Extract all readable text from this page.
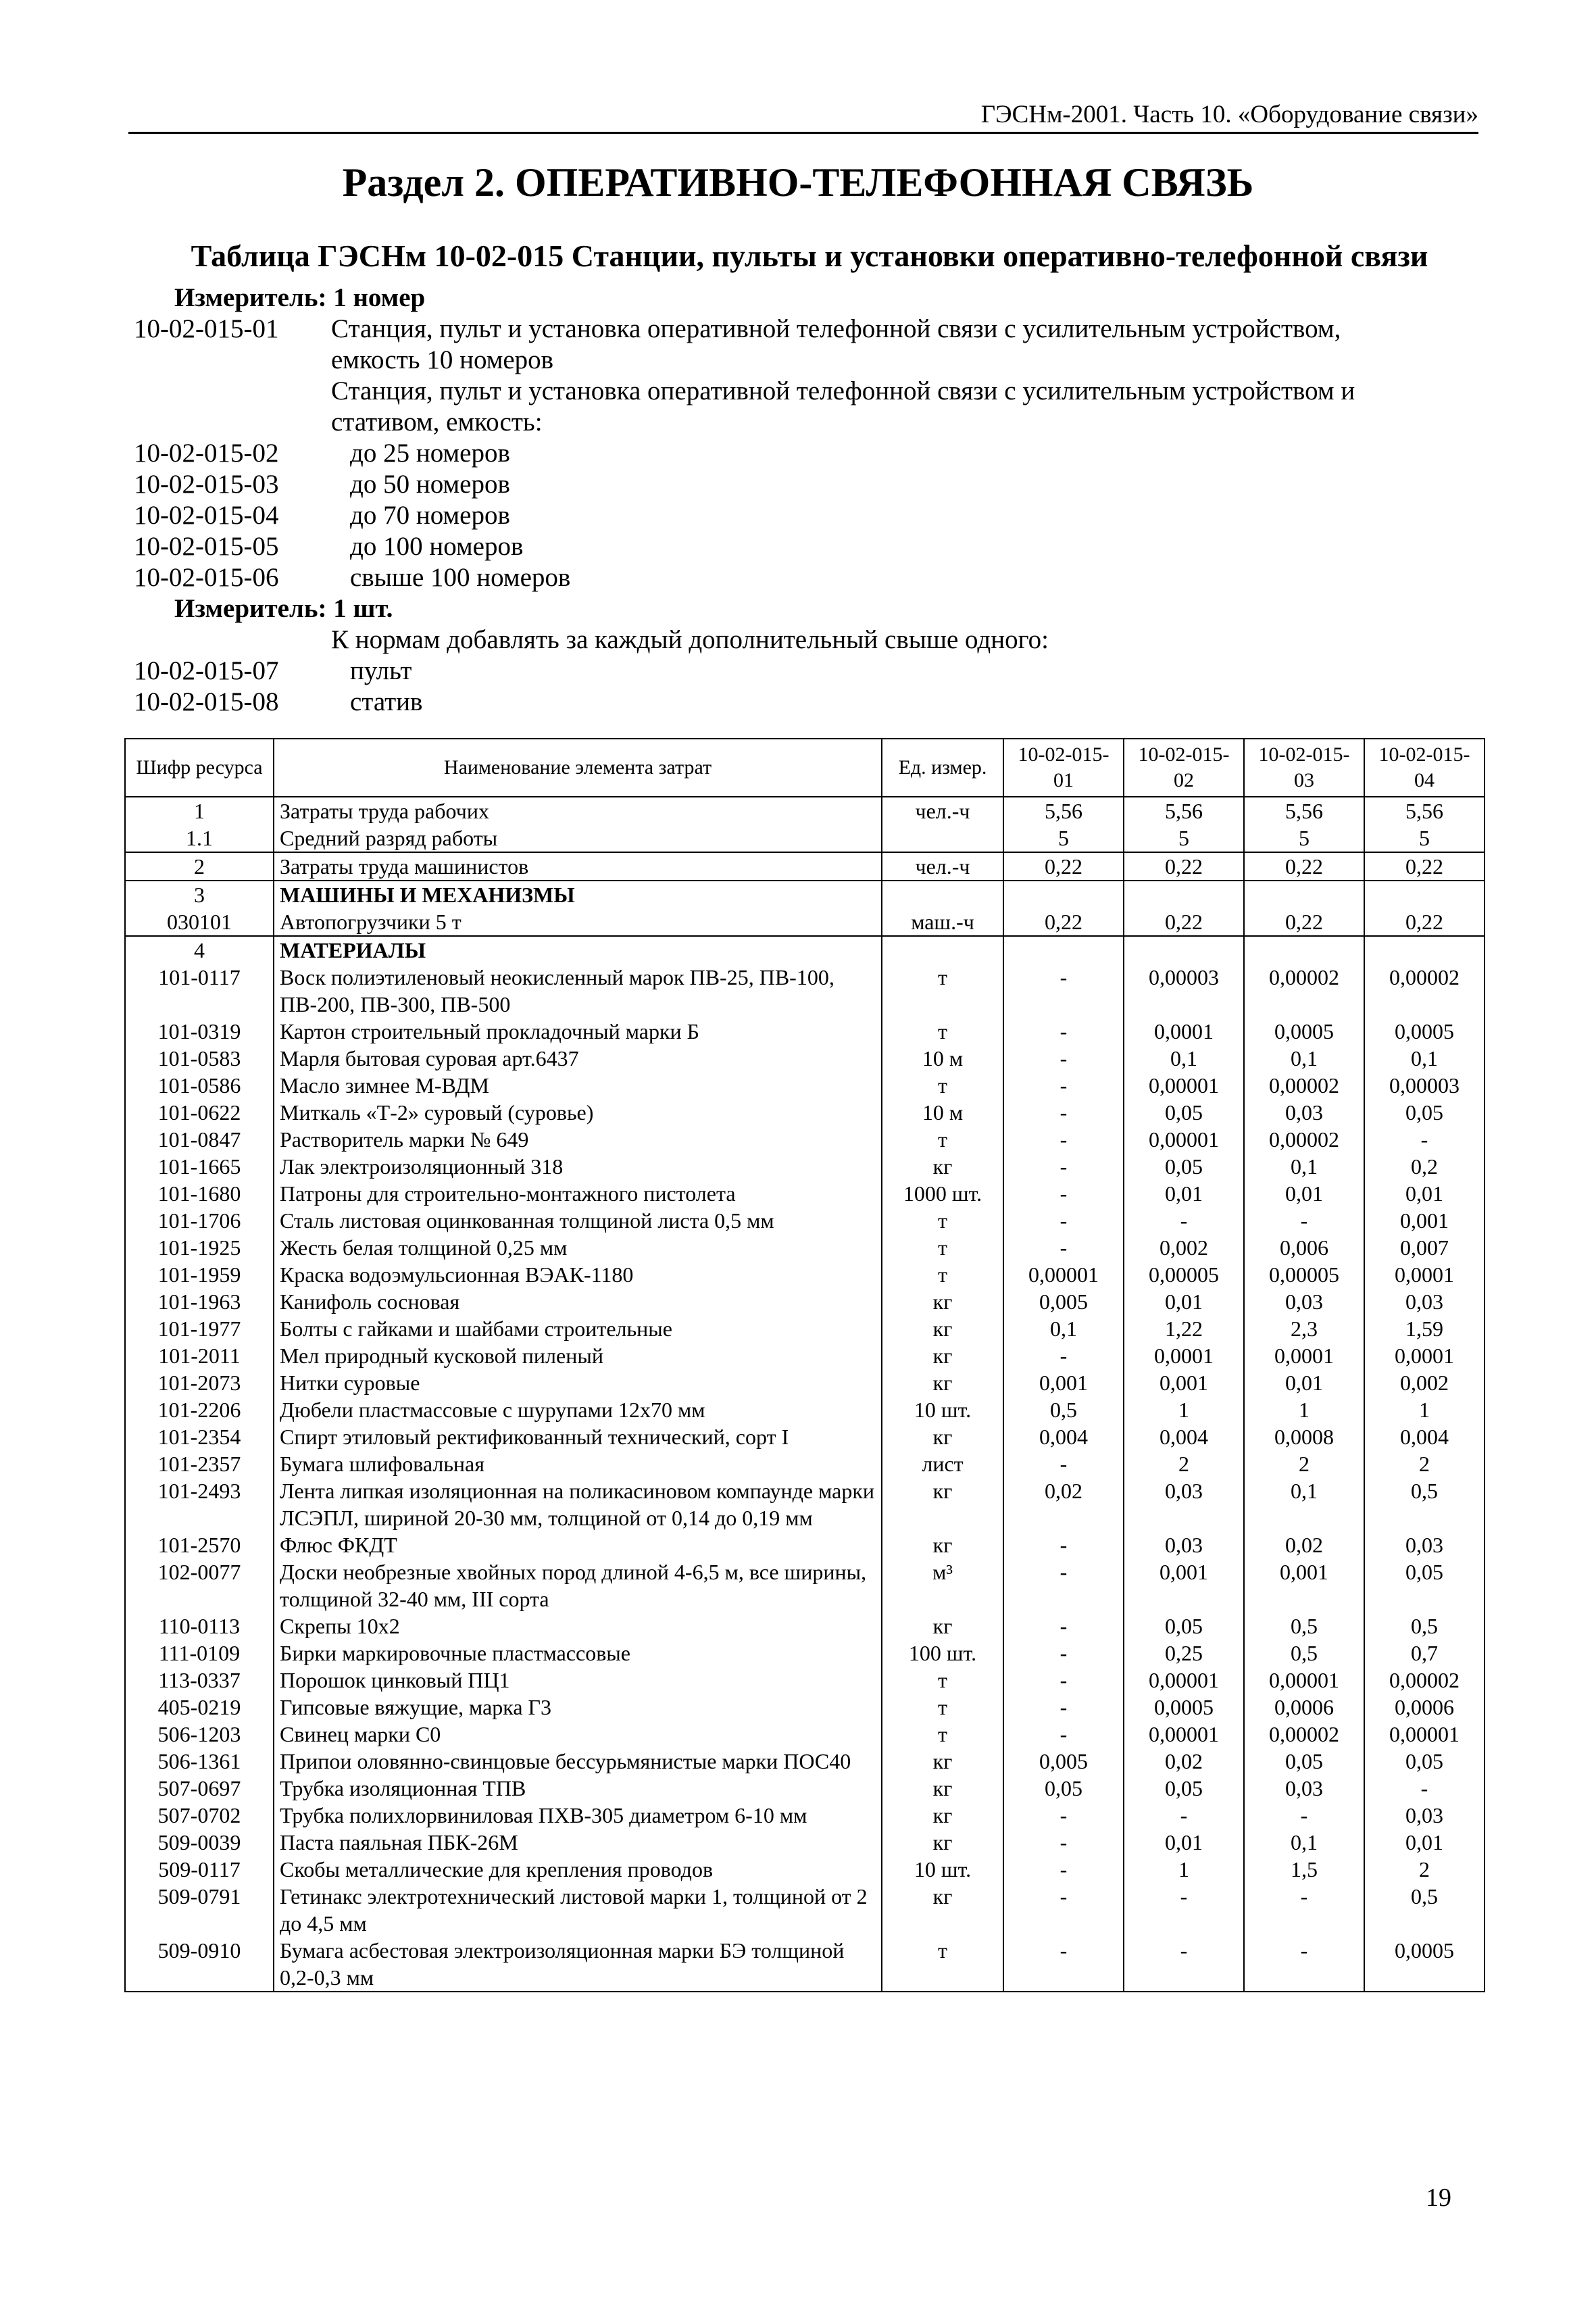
ГЭСНм-2001. Часть 10. «Оборудование связи»
Раздел 2. ОПЕРАТИВНО-ТЕЛЕФОННАЯ СВЯЗЬ
Таблица ГЭСНм 10-02-015 Станции, пульты и установки оперативно-телефонной связи
Измеритель: 1 номер
10-02-015-01	Станция, пульт и установка оперативной телефонной связи с усилительным устройством,
емкость 10 номеров
Станция, пульт и установка оперативной телефонной связи с усилительным устройством и
стативом, емкость:
10-02-015-02	до 25 номеров
10-02-015-03	до 50 номеров
10-02-015-04	до 70 номеров
10-02-015-05	до 100 номеров
10-02-015-06	свыше 100 номеров
Измеритель: 1 шт.
К нормам добавлять за каждый дополнительный свыше одного:
10-02-015-07	пульт
10-02-015-08	статив
Шифр ресурса	Наименование элемента затрат	Ед. измер.	10-02-015-01	10-02-015-02	10-02-015-03	10-02-015-04
1	Затраты труда рабочих	чел.-ч	5,56	5,56	5,56	5,56
1.1	Средний разряд работы		5	5	5	5
2	Затраты труда машинистов	чел.-ч	0,22	0,22	0,22	0,22
3	МАШИНЫ И МЕХАНИЗМЫ					
030101	Автопогрузчики 5 т	маш.-ч	0,22	0,22	0,22	0,22
4	МАТЕРИАЛЫ					
101-0117	Воск полиэтиленовый неокисленный марок ПВ-25, ПВ-100, ПВ-200, ПВ-300, ПВ-500	т	-	0,00003	0,00002	0,00002
101-0319	Картон строительный прокладочный марки Б	т	-	0,0001	0,0005	0,0005
101-0583	Марля бытовая суровая арт.6437	10 м	-	0,1	0,1	0,1
101-0586	Масло зимнее М-ВДМ	т	-	0,00001	0,00002	0,00003
101-0622	Миткаль «Т-2» суровый (суровье)	10 м	-	0,05	0,03	0,05
101-0847	Растворитель марки № 649	т	-	0,00001	0,00002	-
101-1665	Лак электроизоляционный 318	кг	-	0,05	0,1	0,2
101-1680	Патроны для строительно-монтажного пистолета	1000 шт.	-	0,01	0,01	0,01
101-1706	Сталь листовая оцинкованная толщиной листа 0,5 мм	т	-	-	-	0,001
101-1925	Жесть белая толщиной 0,25 мм	т	-	0,002	0,006	0,007
101-1959	Краска водоэмульсионная ВЭАК-1180	т	0,00001	0,00005	0,00005	0,0001
101-1963	Канифоль сосновая	кг	0,005	0,01	0,03	0,03
101-1977	Болты с гайками и шайбами строительные	кг	0,1	1,22	2,3	1,59
101-2011	Мел природный кусковой пиленый	кг	-	0,0001	0,0001	0,0001
101-2073	Нитки суровые	кг	0,001	0,001	0,01	0,002
101-2206	Дюбели пластмассовые с шурупами 12х70 мм	10 шт.	0,5	1	1	1
101-2354	Спирт этиловый ректификованный технический, сорт I	кг	0,004	0,004	0,0008	0,004
101-2357	Бумага шлифовальная	лист	-	2	2	2
101-2493	Лента липкая изоляционная на поликасиновом компаунде марки ЛСЭПЛ, шириной 20-30 мм, толщиной от 0,14 до 0,19 мм	кг	0,02	0,03	0,1	0,5
101-2570	Флюс ФКДТ	кг	-	0,03	0,02	0,03
102-0077	Доски необрезные хвойных пород длиной 4-6,5 м, все ширины, толщиной 32-40 мм, III сорта	м³	-	0,001	0,001	0,05
110-0113	Скрепы 10х2	кг	-	0,05	0,5	0,5
111-0109	Бирки маркировочные пластмассовые	100 шт.	-	0,25	0,5	0,7
113-0337	Порошок цинковый ПЦ1	т	-	0,00001	0,00001	0,00002
405-0219	Гипсовые вяжущие, марка Г3	т	-	0,0005	0,0006	0,0006
506-1203	Свинец марки С0	т	-	0,00001	0,00002	0,00001
506-1361	Припои оловянно-свинцовые бессурьмянистые марки ПОС40	кг	0,005	0,02	0,05	0,05
507-0697	Трубка изоляционная ТПВ	кг	0,05	0,05	0,03	-
507-0702	Трубка полихлорвиниловая ПХВ-305 диаметром 6-10 мм	кг	-	-	-	0,03
509-0039	Паста паяльная ПБК-26М	кг	-	0,01	0,1	0,01
509-0117	Скобы металлические для крепления проводов	10 шт.	-	1	1,5	2
509-0791	Гетинакс электротехнический листовой марки 1, толщиной от 2 до 4,5 мм	кг	-	-	-	0,5
509-0910	Бумага асбестовая электроизоляционная марки БЭ толщиной 0,2-0,3 мм	т	-	-	-	0,0005
19
